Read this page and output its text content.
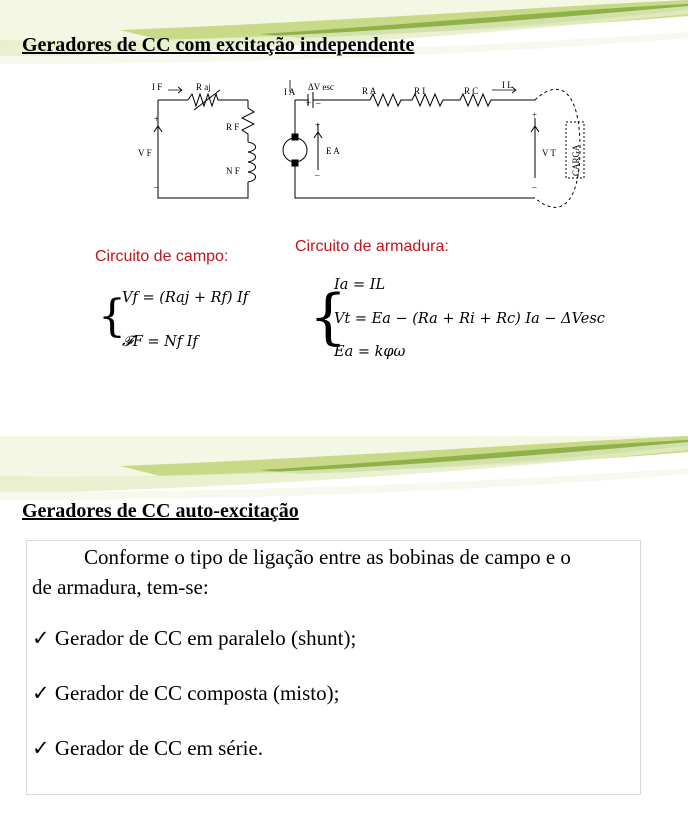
Geradores de CC com excitação independente
I F	R aj
R F
N F
V F
+
–
I A ΔV esc
+ –
R A	R I	R C
I L
E A
+
–
V T
+
–
CARGA
Circuito de campo:
Circuito de armadura:
{
Vf = (Raj + Rf) If
𝓕F = Nf If {
Ia = IL
Vt = Ea − (Ra + Ri + Rc) Ia − ΔVesc
Ea = kφω
Geradores de CC auto-excitação
Conforme o tipo de ligação entre as bobinas de campo e o
de armadura, tem-se:
✓ Gerador de CC em paralelo (shunt);
✓ Gerador de CC composta (misto);
✓ Gerador de CC em série.
